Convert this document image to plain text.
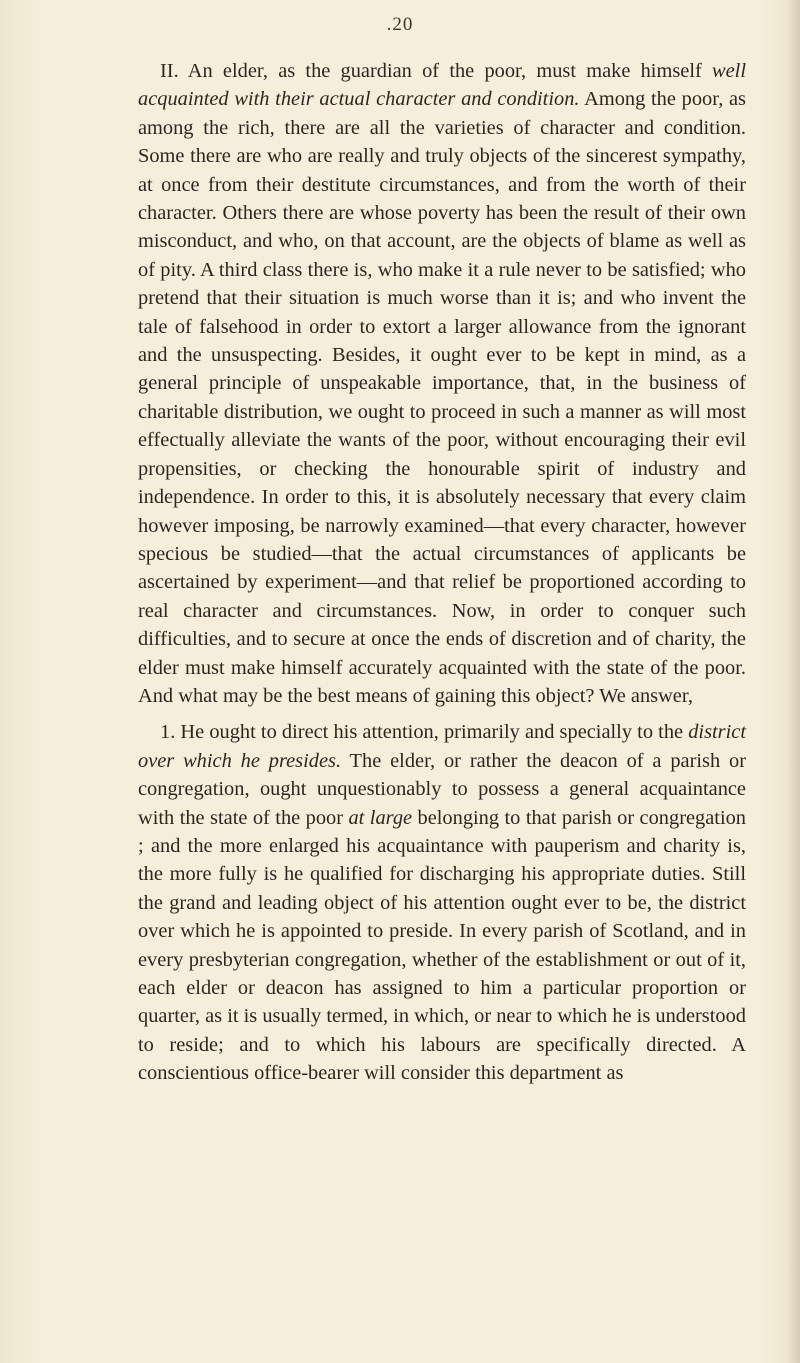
.20

II. An elder, as the guardian of the poor, must make himself well acquainted with their actual character and condition. Among the poor, as among the rich, there are all the varieties of character and condition. Some there are who are really and truly objects of the sincerest sympathy, at once from their destitute circumstances, and from the worth of their character. Others there are whose poverty has been the result of their own misconduct, and who, on that account, are the objects of blame as well as of pity. A third class there is, who make it a rule never to be satisfied; who pretend that their situation is much worse than it is; and who invent the tale of falsehood in order to extort a larger allowance from the ignorant and the unsuspecting. Besides, it ought ever to be kept in mind, as a general principle of unspeakable importance, that, in the business of charitable distribution, we ought to proceed in such a manner as will most effectually alleviate the wants of the poor, without encouraging their evil propensities, or checking the honourable spirit of industry and independence. In order to this, it is absolutely necessary that every claim however imposing, be narrowly examined—that every character, however specious be studied—that the actual circumstances of applicants be ascertained by experiment—and that relief be proportioned according to real character and circumstances. Now, in order to conquer such difficulties, and to secure at once the ends of discretion and of charity, the elder must make himself accurately acquainted with the state of the poor. And what may be the best means of gaining this object? We answer,

1. He ought to direct his attention, primarily and specially to the district over which he presides. The elder, or rather the deacon of a parish or congregation, ought unquestionably to possess a general acquaintance with the state of the poor at large belonging to that parish or congregation ; and the more enlarged his acquaintance with pauperism and charity is, the more fully is he qualified for discharging his appropriate duties. Still the grand and leading object of his attention ought ever to be, the district over which he is appointed to preside. In every parish of Scotland, and in every presbyterian congregation, whether of the establishment or out of it, each elder or deacon has assigned to him a particular proportion or quarter, as it is usually termed, in which, or near to which he is understood to reside; and to which his labours are specifically directed. A conscientious office-bearer will consider this department as
